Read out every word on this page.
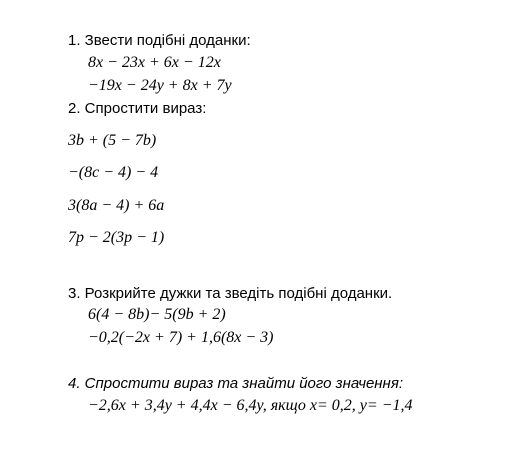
1. Звести подібні доданки:
8x − 23x + 6x − 12x
−19x − 24y + 8x + 7y
2. Спростити вираз:
3b + (5 − 7b)
−(8c − 4) − 4
3(8a − 4) + 6a
7p − 2(3p − 1)
3. Розкрийте дужки та зведіть подібні доданки.
6(4 − 8b)− 5(9b + 2)
−0,2(−2x + 7) + 1,6(8x − 3)
4. Спростити вираз та знайти його значення:
−2,6x + 3,4y + 4,4x − 6,4y, якщо x= 0,2, y= −1,4
